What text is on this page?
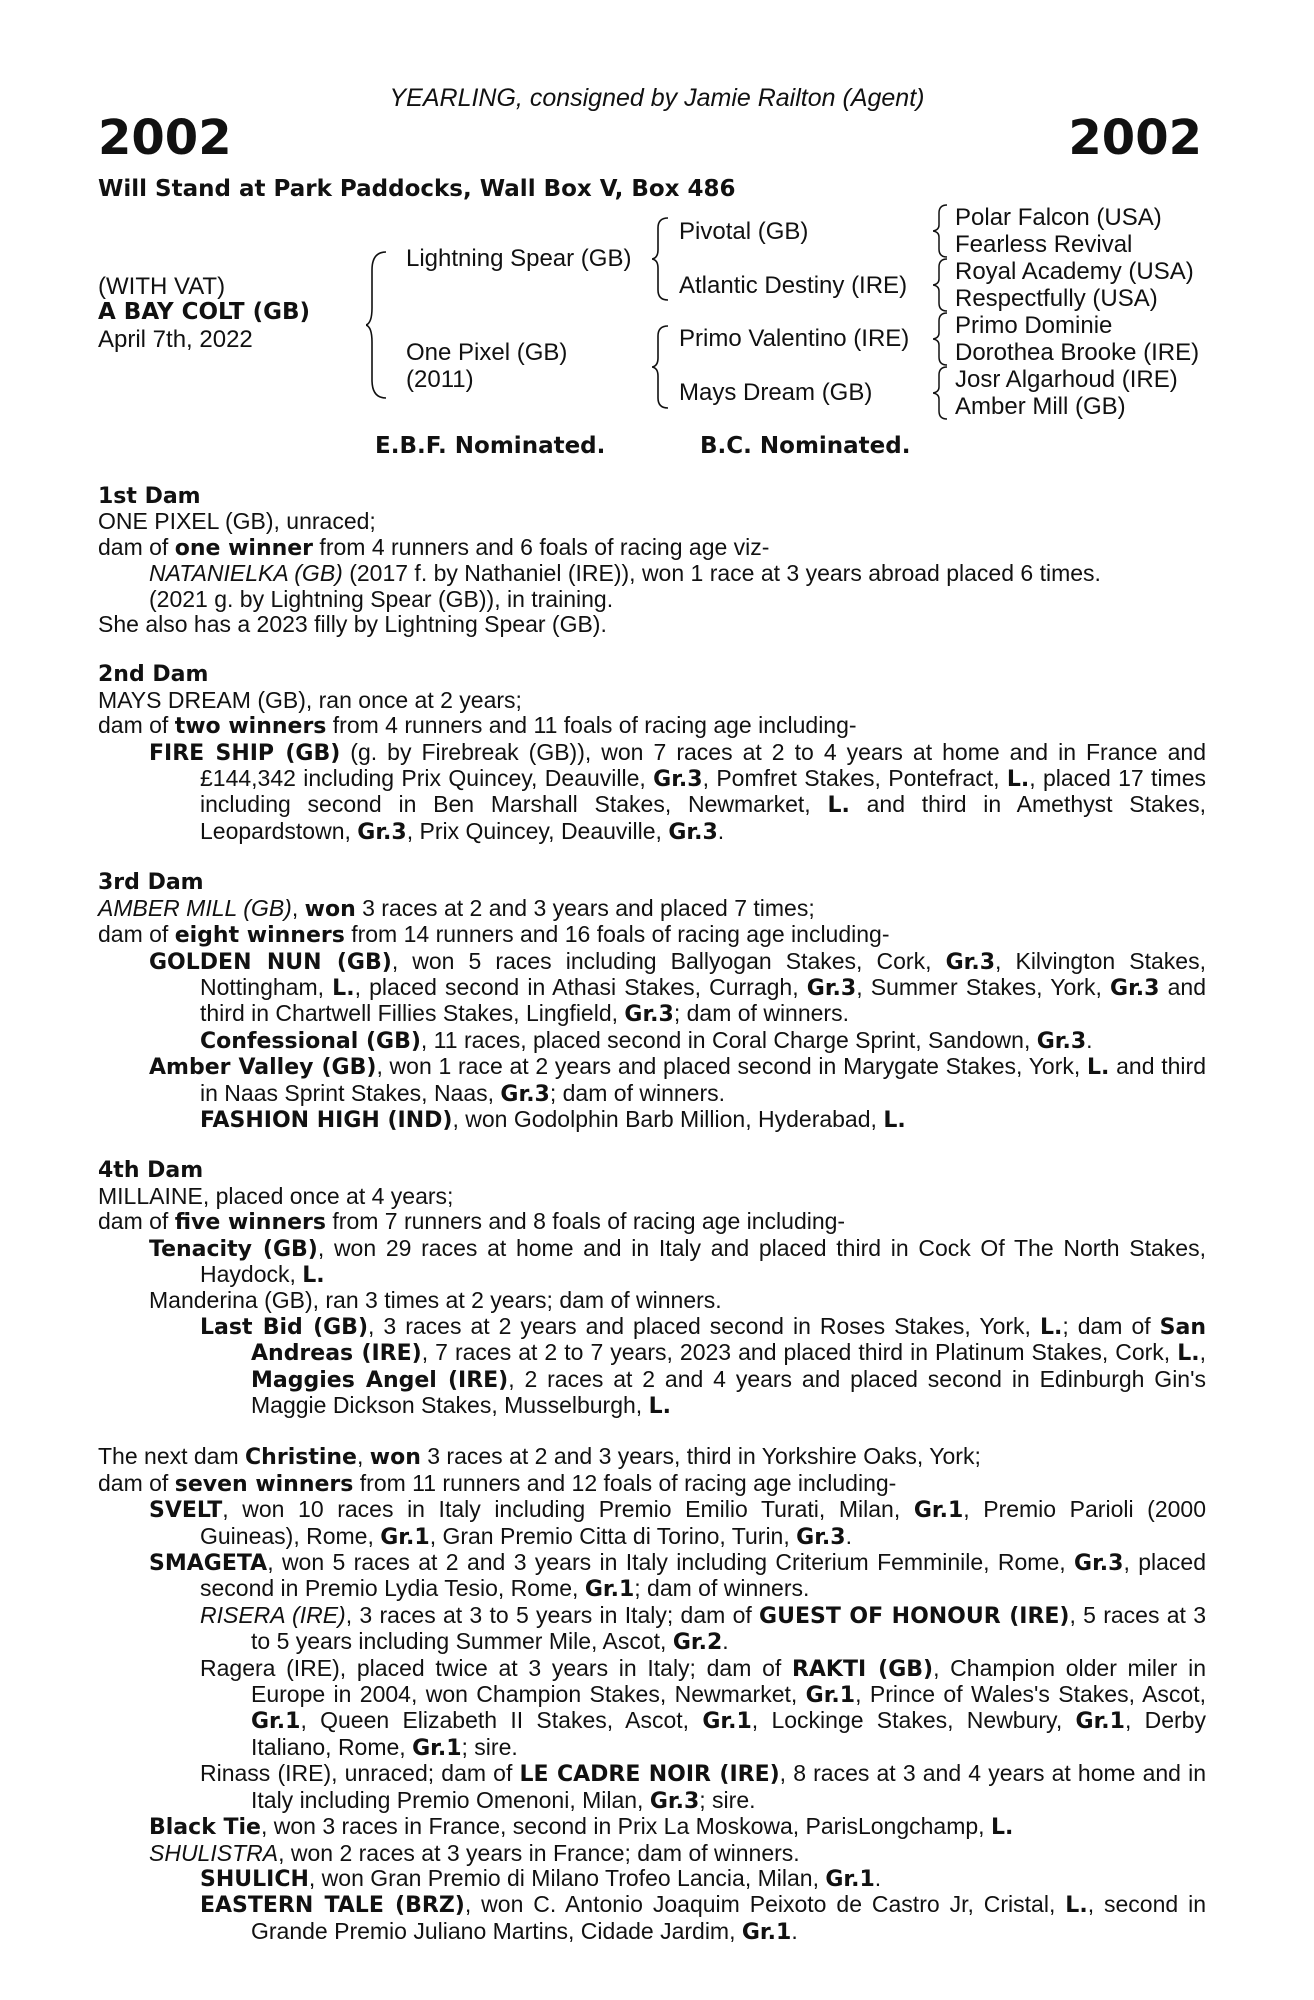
YEARLING, consigned by Jamie Railton (Agent)
2002	2002
Will Stand at Park Paddocks, Wall Box V, Box 486
(WITH VAT)
A BAY COLT (GB)
April 7th, 2022
Lightning Spear (GB)
One Pixel (GB)
(2011)
Pivotal (GB)
Atlantic Destiny (IRE)
Primo Valentino (IRE)
Mays Dream (GB)
Polar Falcon (USA)
Fearless Revival
Royal Academy (USA)
Respectfully (USA)
Primo Dominie
Dorothea Brooke (IRE)
Josr Algarhoud (IRE)
Amber Mill (GB)
E.B.F. Nominated.	B.C. Nominated.
1st Dam
ONE PIXEL (GB), unraced;
dam of one winner from 4 runners and 6 foals of racing age viz-
NATANIELKA (GB) (2017 f. by Nathaniel (IRE)), won 1 race at 3 years abroad placed 6 times.
(2021 g. by Lightning Spear (GB)), in training.
She also has a 2023 filly by Lightning Spear (GB).
2nd Dam
MAYS DREAM (GB), ran once at 2 years;
dam of two winners from 4 runners and 11 foals of racing age including-
FIRE SHIP (GB) (g. by Firebreak (GB)), won 7 races at 2 to 4 years at home and in France and £144,342 including Prix Quincey, Deauville, Gr.3, Pomfret Stakes, Pontefract, L., placed 17 times including second in Ben Marshall Stakes, Newmarket, L. and third in Amethyst Stakes, Leopardstown, Gr.3, Prix Quincey, Deauville, Gr.3.
3rd Dam
AMBER MILL (GB), won 3 races at 2 and 3 years and placed 7 times;
dam of eight winners from 14 runners and 16 foals of racing age including-
GOLDEN NUN (GB), won 5 races including Ballyogan Stakes, Cork, Gr.3, Kilvington Stakes, Nottingham, L., placed second in Athasi Stakes, Curragh, Gr.3, Summer Stakes, York, Gr.3 and third in Chartwell Fillies Stakes, Lingfield, Gr.3; dam of winners.
Confessional (GB), 11 races, placed second in Coral Charge Sprint, Sandown, Gr.3.
Amber Valley (GB), won 1 race at 2 years and placed second in Marygate Stakes, York, L. and third in Naas Sprint Stakes, Naas, Gr.3; dam of winners.
FASHION HIGH (IND), won Godolphin Barb Million, Hyderabad, L.
4th Dam
MILLAINE, placed once at 4 years;
dam of five winners from 7 runners and 8 foals of racing age including-
Tenacity (GB), won 29 races at home and in Italy and placed third in Cock Of The North Stakes, Haydock, L.
Manderina (GB), ran 3 times at 2 years; dam of winners.
Last Bid (GB), 3 races at 2 years and placed second in Roses Stakes, York, L.; dam of San Andreas (IRE), 7 races at 2 to 7 years, 2023 and placed third in Platinum Stakes, Cork, L., Maggies Angel (IRE), 2 races at 2 and 4 years and placed second in Edinburgh Gin's Maggie Dickson Stakes, Musselburgh, L.
The next dam Christine, won 3 races at 2 and 3 years, third in Yorkshire Oaks, York;
dam of seven winners from 11 runners and 12 foals of racing age including-
SVELT, won 10 races in Italy including Premio Emilio Turati, Milan, Gr.1, Premio Parioli (2000 Guineas), Rome, Gr.1, Gran Premio Citta di Torino, Turin, Gr.3.
SMAGETA, won 5 races at 2 and 3 years in Italy including Criterium Femminile, Rome, Gr.3, placed second in Premio Lydia Tesio, Rome, Gr.1; dam of winners.
RISERA (IRE), 3 races at 3 to 5 years in Italy; dam of GUEST OF HONOUR (IRE), 5 races at 3 to 5 years including Summer Mile, Ascot, Gr.2.
Ragera (IRE), placed twice at 3 years in Italy; dam of RAKTI (GB), Champion older miler in Europe in 2004, won Champion Stakes, Newmarket, Gr.1, Prince of Wales's Stakes, Ascot, Gr.1, Queen Elizabeth II Stakes, Ascot, Gr.1, Lockinge Stakes, Newbury, Gr.1, Derby Italiano, Rome, Gr.1; sire.
Rinass (IRE), unraced; dam of LE CADRE NOIR (IRE), 8 races at 3 and 4 years at home and in Italy including Premio Omenoni, Milan, Gr.3; sire.
Black Tie, won 3 races in France, second in Prix La Moskowa, ParisLongchamp, L.
SHULISTRA, won 2 races at 3 years in France; dam of winners.
SHULICH, won Gran Premio di Milano Trofeo Lancia, Milan, Gr.1.
EASTERN TALE (BRZ), won C. Antonio Joaquim Peixoto de Castro Jr, Cristal, L., second in Grande Premio Juliano Martins, Cidade Jardim, Gr.1.
